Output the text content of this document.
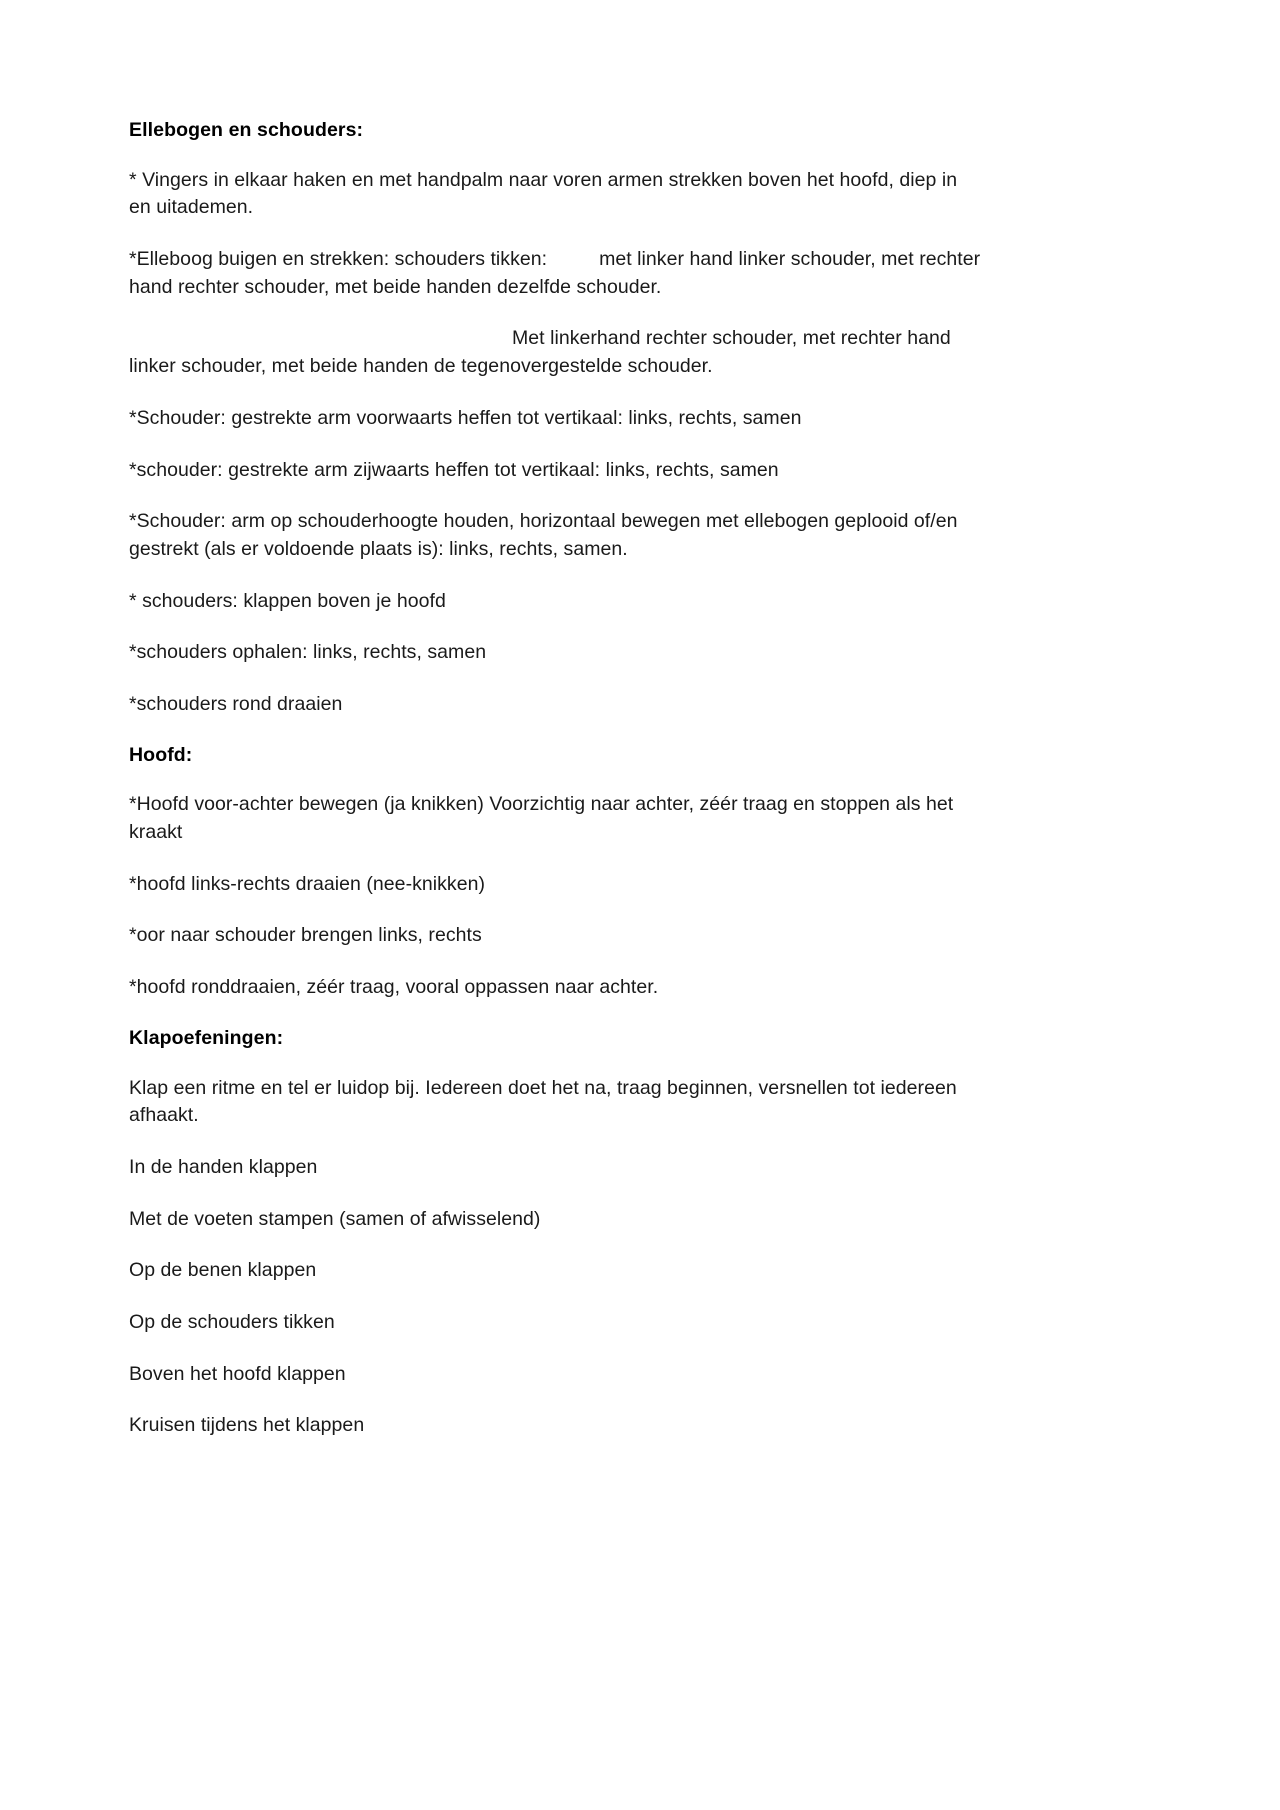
Ellebogen en schouders:

* Vingers in elkaar haken en met handpalm naar voren armen strekken boven het hoofd, diep in en uitademen.

*Elleboog buigen en strekken: schouders tikken:	met linker hand linker schouder, met rechter hand rechter schouder, met beide handen dezelfde schouder.

Met linkerhand rechter schouder, met rechter hand linker schouder, met beide handen de tegenovergestelde schouder.

*Schouder: gestrekte arm voorwaarts heffen tot vertikaal: links, rechts, samen

*schouder: gestrekte arm zijwaarts heffen tot vertikaal: links, rechts, samen

*Schouder: arm op schouderhoogte houden, horizontaal bewegen met ellebogen geplooid of/en gestrekt (als er voldoende plaats is): links, rechts, samen.

* schouders: klappen boven je hoofd

*schouders ophalen: links, rechts, samen

*schouders rond draaien

Hoofd:

*Hoofd voor-achter bewegen (ja knikken) Voorzichtig naar achter, zéér traag en stoppen als het kraakt

*hoofd links-rechts draaien (nee-knikken)

*oor naar schouder brengen links, rechts

*hoofd ronddraaien, zéér traag, vooral oppassen naar achter.

Klapoefeningen:

Klap een ritme en tel er luidop bij. Iedereen doet het na, traag beginnen, versnellen tot iedereen afhaakt.

In de handen klappen

Met de voeten stampen (samen of afwisselend)

Op de benen klappen

Op de schouders tikken

Boven het hoofd klappen

Kruisen tijdens het klappen
